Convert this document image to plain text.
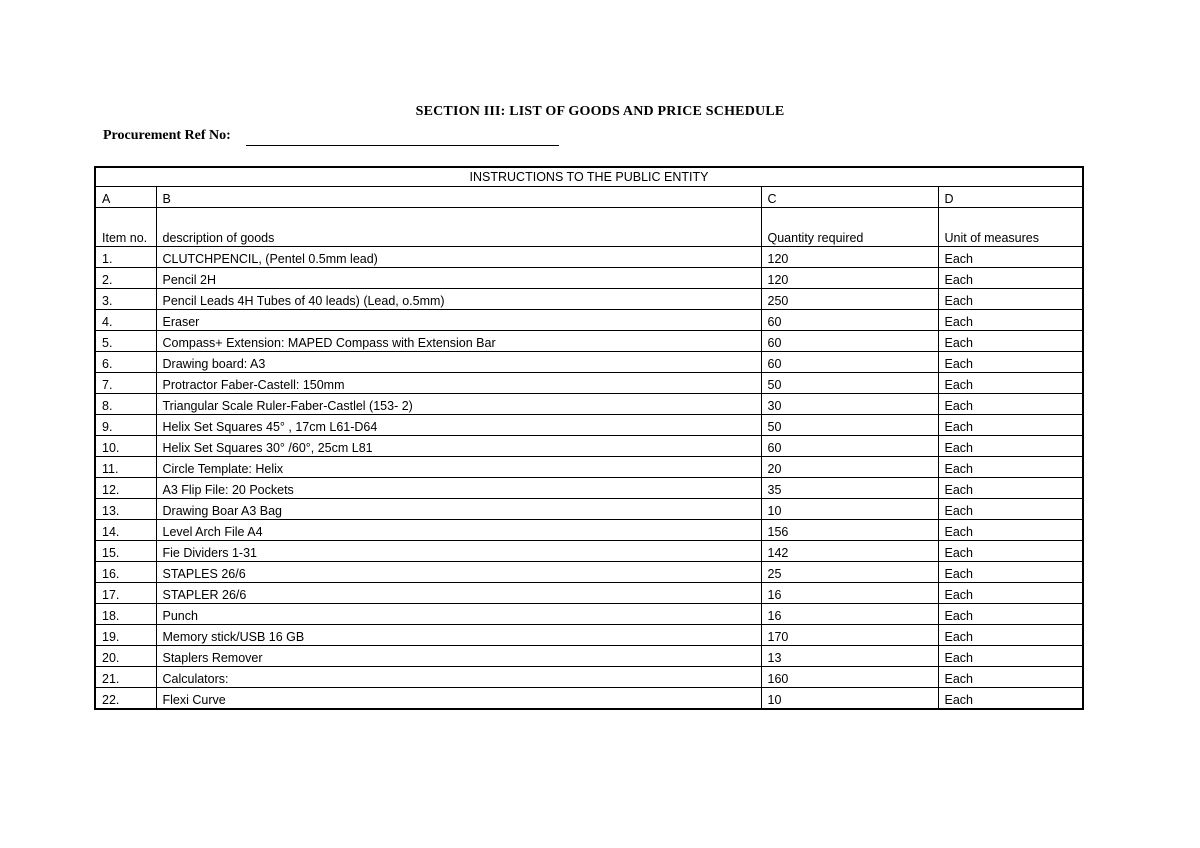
SECTION III: LIST OF GOODS AND PRICE SCHEDULE
Procurement Ref No:
INSTRUCTIONS TO THE PUBLIC ENTITY			
A	B	C	D
Item no.	description of goods	Quantity required	Unit of measures
1.	CLUTCHPENCIL, (Pentel 0.5mm lead)	120	Each
2.	Pencil 2H	120	Each
3.	Pencil Leads 4H Tubes of 40 leads) (Lead, o.5mm)	250	Each
4.	Eraser	60	Each
5.	Compass+ Extension: MAPED Compass with Extension Bar	60	Each
6.	Drawing board: A3	60	Each
7.	Protractor Faber-Castell: 150mm	50	Each
8.	Triangular Scale Ruler-Faber-Castlel (153- 2)	30	Each
9.	Helix Set Squares 45° , 17cm L61-D64	50	Each
10.	Helix Set Squares 30° /60°, 25cm L81	60	Each
11.	Circle Template: Helix	20	Each
12.	A3 Flip File: 20 Pockets	35	Each
13.	Drawing Boar A3 Bag	10	Each
14.	Level Arch File A4	156	Each
15.	Fie Dividers 1-31	142	Each
16.	STAPLES 26/6	25	Each
17.	STAPLER 26/6	16	Each
18.	Punch	16	Each
19.	Memory stick/USB 16 GB	170	Each
20.	Staplers Remover	13	Each
21.	Calculators:	160	Each
22.	Flexi Curve	10	Each
